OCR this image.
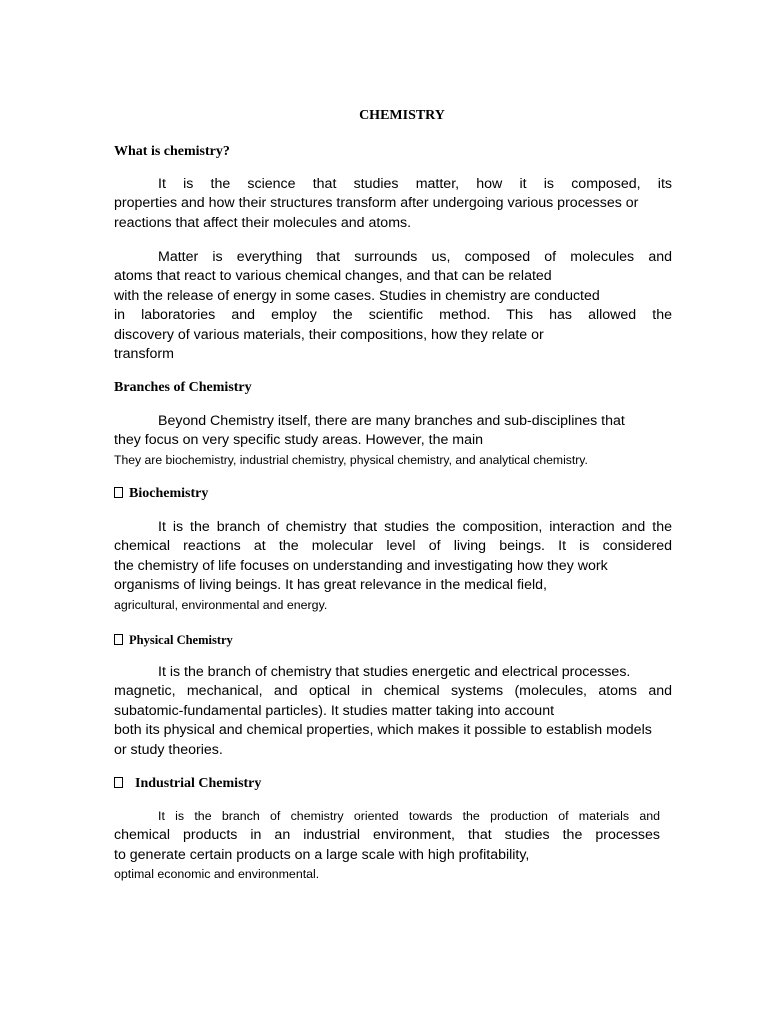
CHEMISTRY
What is chemistry?

It is the science that studies matter, how it is composed, its
properties and how their structures transform after undergoing various processes or
reactions that affect their molecules and atoms.

Matter is everything that surrounds us, composed of molecules and
atoms that react to various chemical changes, and that can be related
with the release of energy in some cases. Studies in chemistry are conducted
in laboratories and employ the scientific method. This has allowed the
discovery of various materials, their compositions, how they relate or
transform

Branches of Chemistry

Beyond Chemistry itself, there are many branches and sub-disciplines that
they focus on very specific study areas. However, the main
They are biochemistry, industrial chemistry, physical chemistry, and analytical chemistry.

Biochemistry

It is the branch of chemistry that studies the composition, interaction and the
chemical reactions at the molecular level of living beings. It is considered
the chemistry of life focuses on understanding and investigating how they work
organisms of living beings. It has great relevance in the medical field,
agricultural, environmental and energy.

Physical Chemistry

It is the branch of chemistry that studies energetic and electrical processes.
magnetic, mechanical, and optical in chemical systems (molecules, atoms and
subatomic-fundamental particles). It studies matter taking into account
both its physical and chemical properties, which makes it possible to establish models
or study theories.

Industrial Chemistry

It is the branch of chemistry oriented towards the production of materials and
chemical products in an industrial environment, that studies the processes
to generate certain products on a large scale with high profitability,
optimal economic and environmental.
